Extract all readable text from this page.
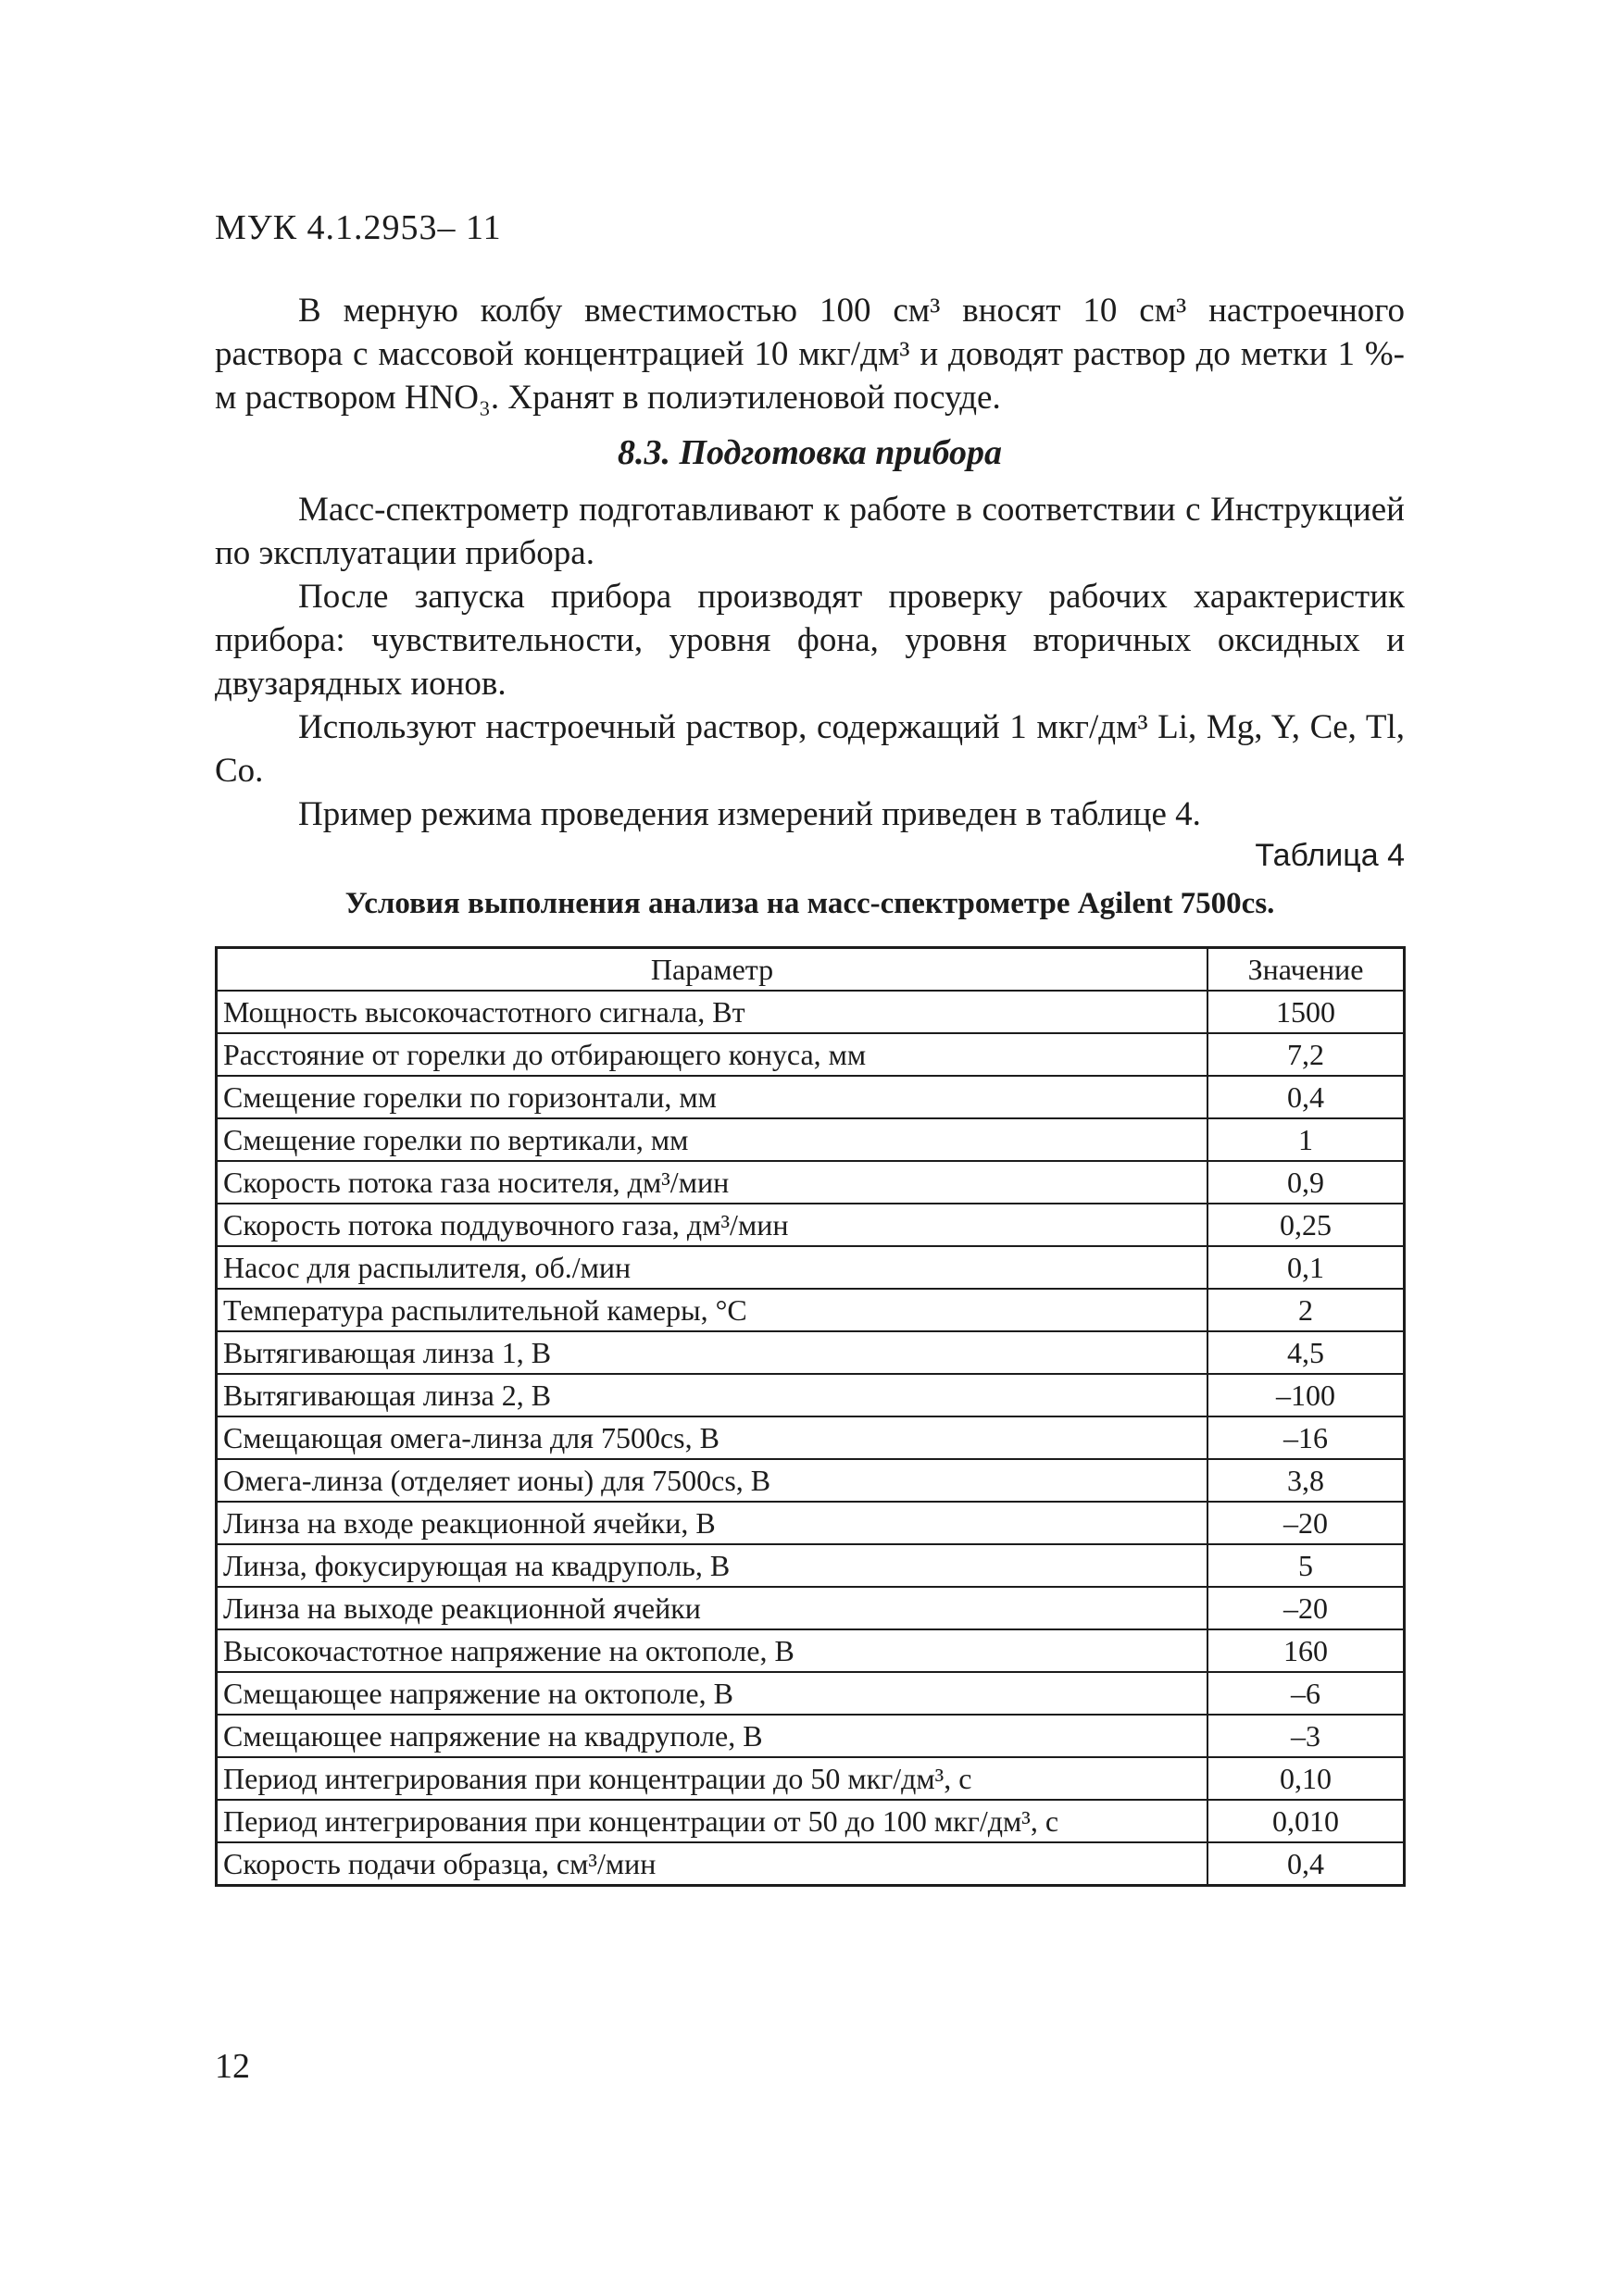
МУК 4.1.2953– 11

В мерную колбу вместимостью 100 см³ вносят 10 см³ настроечного раствора с массовой концентрацией 10 мкг/дм³ и доводят раствор до метки 1 %-м раствором HNO₃. Хранят в полиэтиленовой посуде.

8.3. Подготовка прибора

Масс-спектрометр подготавливают к работе в соответствии с Инструкцией по эксплуатации прибора.

После запуска прибора производят проверку рабочих характеристик прибора: чувствительности, уровня фона, уровня вторичных оксидных и двузарядных ионов.

Используют настроечный раствор, содержащий 1 мкг/дм³ Li, Mg, Y, Ce, Tl, Co.

Пример режима проведения измерений приведен в таблице 4.

Таблица 4
Условия выполнения анализа на масс-спектрометре Agilent 7500cs.
Параметр	Значение
Мощность высокочастотного сигнала, Вт	1500
Расстояние от горелки до отбирающего конуса, мм	7,2
Смещение горелки по горизонтали, мм	0,4
Смещение горелки по вертикали, мм	1
Скорость потока газа носителя, дм³/мин	0,9
Скорость потока поддувочного газа, дм³/мин	0,25
Насос для распылителя, об./мин	0,1
Температура распылительной камеры, °С	2
Вытягивающая линза 1, В	4,5
Вытягивающая линза 2, В	–100
Смещающая омега-линза для 7500cs, В	–16
Омега-линза (отделяет ионы) для 7500cs, В	3,8
Линза на входе реакционной ячейки, В	–20
Линза, фокусирующая на квадруполь, В	5
Линза на выходе реакционной ячейки	–20
Высокочастотное напряжение на октополе, В	160
Смещающее напряжение на октополе, В	–6
Смещающее напряжение на квадруполе, В	–3
Период интегрирования при концентрации до 50 мкг/дм³, с	0,10
Период интегрирования при концентрации от 50 до 100 мкг/дм³, с	0,010
Скорость подачи образца, см³/мин	0,4
12
